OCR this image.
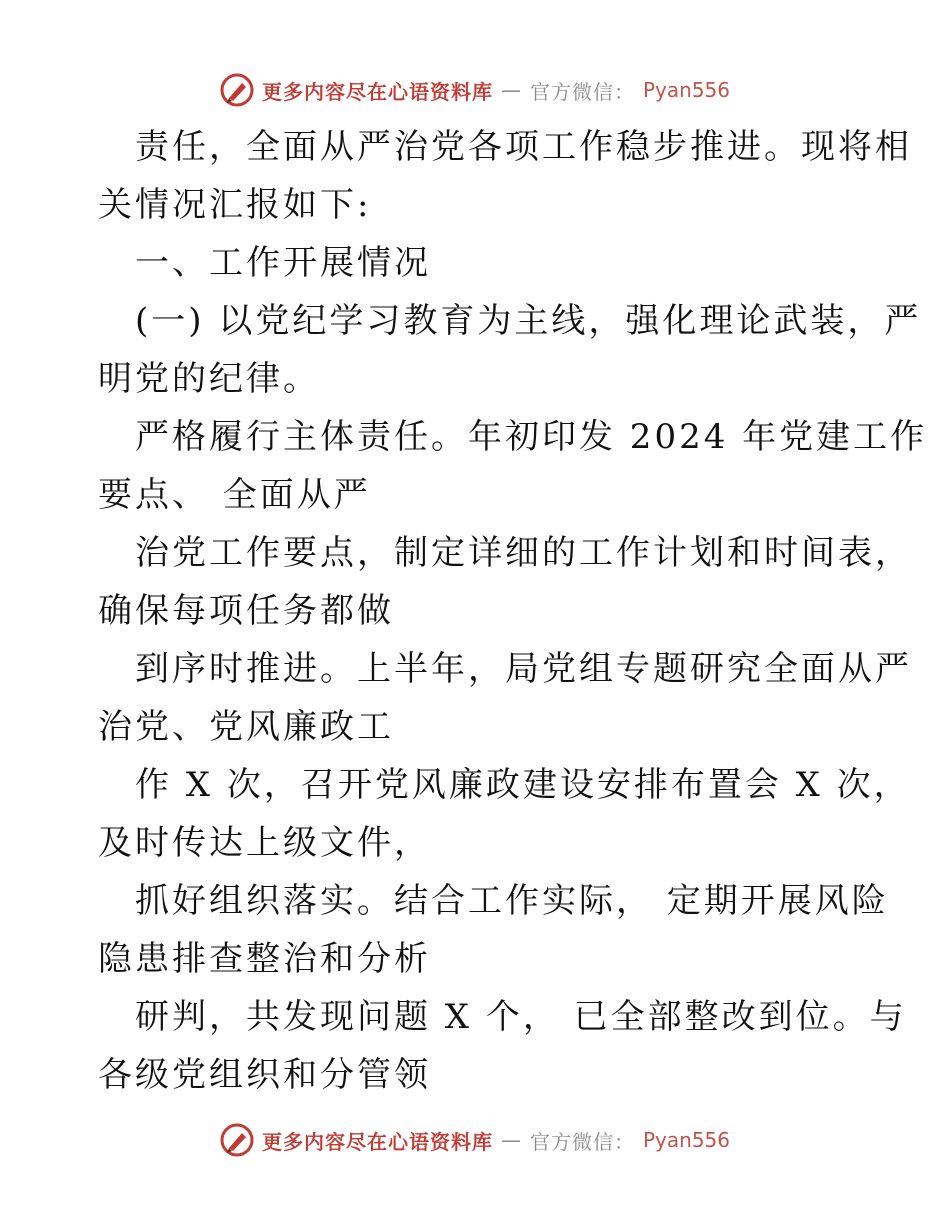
更多内容尽在心语资料库 — 官方微信： Pyan556
责任，全面从严治党各项工作稳步推进。现将相
关情况汇报如下:
一、工作开展情况
(一) 以党纪学习教育为主线，强化理论武装，严
明党的纪律。
严格履行主体责任。年初印发 2024 年党建工作
要点、 全面从严
治党工作要点，制定详细的工作计划和时间表，
确保每项任务都做
到序时推进。上半年，局党组专题研究全面从严
治党、党风廉政工
作 X 次，召开党风廉政建设安排布置会 X 次，
及时传达上级文件，
抓好组织落实。结合工作实际， 定期开展风险
隐患排查整治和分析
研判，共发现问题 X 个， 已全部整改到位。与
各级党组织和分管领
更多内容尽在心语资料库 — 官方微信： Pyan556
